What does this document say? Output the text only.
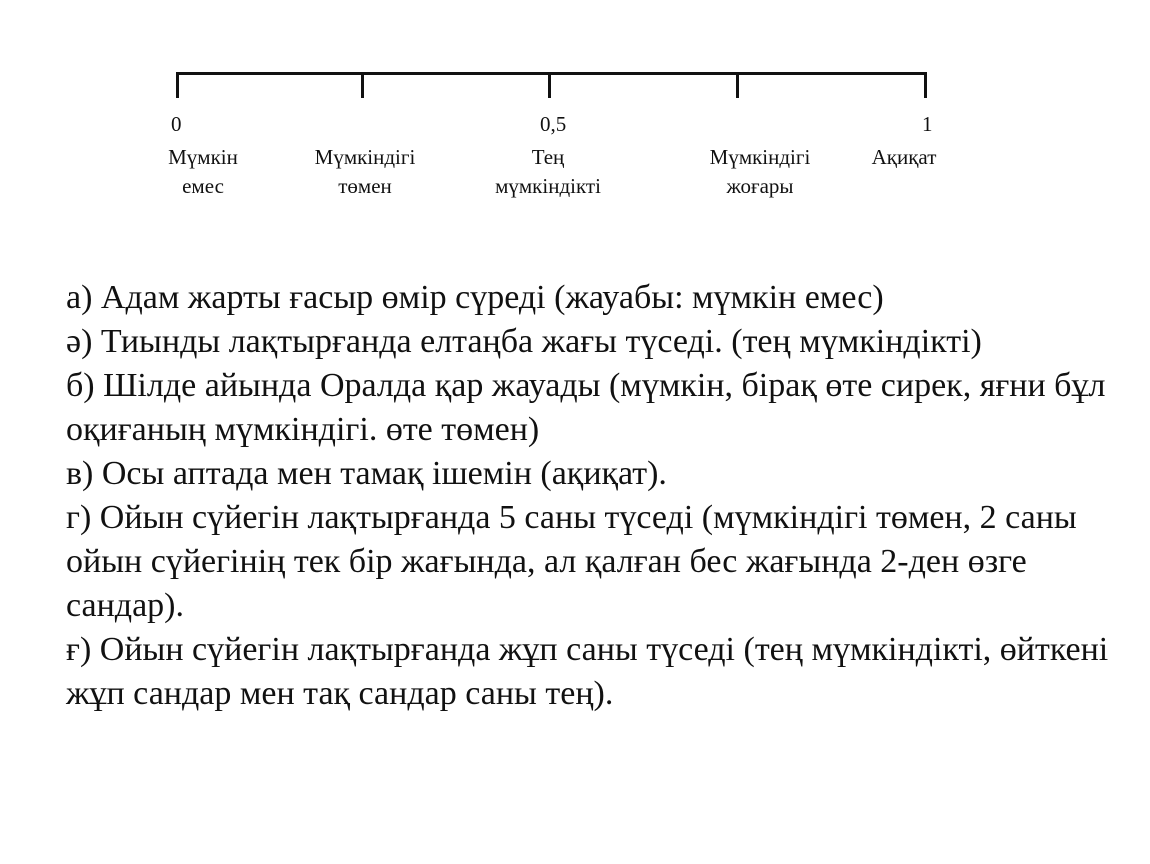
0	0,5	1
Мүмкін
емес
Мүмкіндігі
төмен
Тең
мүмкіндікті
Мүмкіндігі
жоғары
Ақиқат
а) Адам жарты ғасыр өмір сүреді (жауабы: мүмкін емес)
ә) Тиынды лақтырғанда елтаңба жағы түседі. (тең мүмкіндікті)
б) Шілде айында Оралда қар жауады (мүмкін, бірақ өте сирек, яғни бұл оқиғаның мүмкіндігі. өте төмен)
в) Осы аптада мен тамақ ішемін (ақиқат).
г) Ойын сүйегін лақтырғанда 5 саны түседі (мүмкіндігі төмен, 2 саны ойын сүйегінің тек бір жағында, ал қалған бес жағында 2-ден өзге сандар).
ғ) Ойын сүйегін лақтырғанда жұп саны түседі (тең мүмкіндікті, өйткені жұп сандар мен тақ сандар саны тең).
